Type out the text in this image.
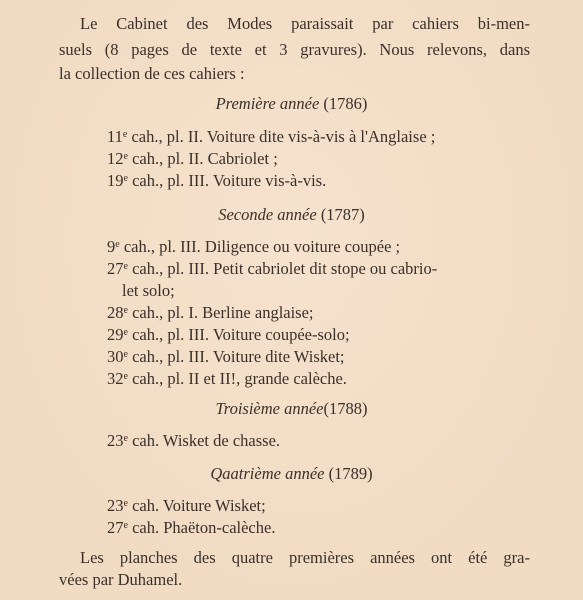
Le Cabinet des Modes paraissait par cahiers bi-men-
suels (8 pages de texte et 3 gravures). Nous relevons, dans
la collection de ces cahiers :
Première année (1786)
11e cah., pl. II. Voiture dite vis-à-vis à l'Anglaise ;
12e cah., pl. II. Cabriolet ;
19e cah., pl. III. Voiture vis-à-vis.
Seconde année (1787)
9e cah., pl. III. Diligence ou voiture coupée ;
27e cah., pl. III. Petit cabriolet dit stope ou cabrio-
let solo;
28e cah., pl. I. Berline anglaise;
29e cah., pl. III. Voiture coupée-solo;
30e cah., pl. III. Voiture dite Wisket;
32e cah., pl. II et II!, grande calèche.
Troisième année(1788)
23e cah. Wisket de chasse.
Qaatrième année (1789)
23e cah. Voiture Wisket;
27e cah. Phaëton-calèche.
Les planches des quatre premières années ont été gra-
vées par Duhamel.
